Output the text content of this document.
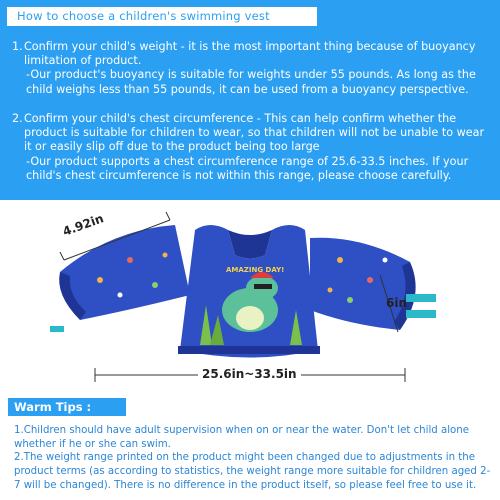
How to choose a children's swimming vest correctly:
1. Confirm your child's weight - it is the most important thing because of buoyancy limitation of product.
-Our product's buoyancy is suitable for weights under 55 pounds. As long as the child weighs less than 55 pounds, it can be used from a buoyancy perspective.
2. Confirm your child's chest circumference - This can help confirm whether the product is suitable for children to wear, so that children will not be unable to wear it or easily slip off due to the product being too large
-Our product supports a chest circumference range of 25.6-33.5 inches. If your child's chest circumference is not within this range, please choose carefully.
AMAZING DAY!
4.92in
6in
25.6in~33.5in
Warm Tips :
1.Children should have adult supervision when on or near the water. Don't let child alone whether if he or she can swim.
2.The weight range printed on the product might been changed due to adjustments in the product terms (as according to statistics, the weight range more suitable for children aged 2-7 will be changed). There is no difference in the product itself, so please feel free to use it.
